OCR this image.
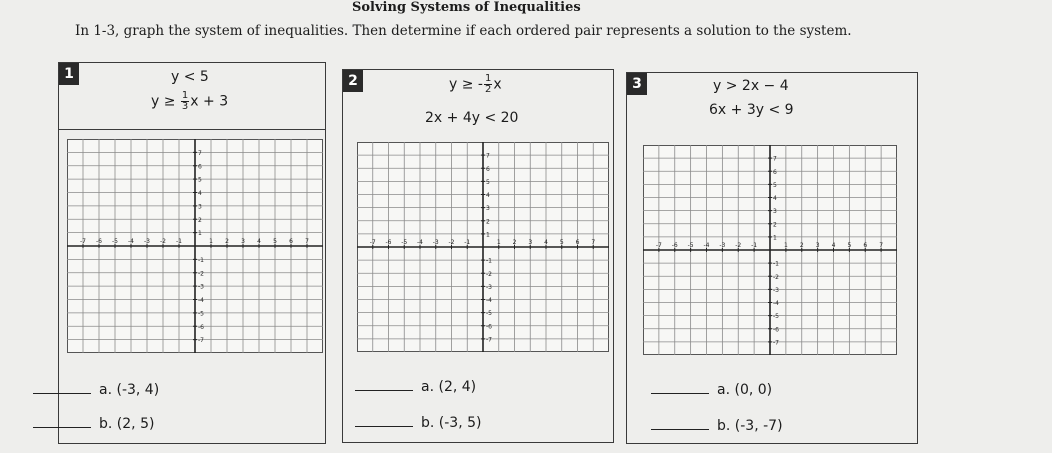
Solving Systems of Inequalities
In 1-3, graph the system of inequalities. Then determine if each ordered pair represents a solution to the system.
1	y < 5
$y \ge \frac{1}{3}$ x + 3
-7 -6 -5 -4 -3 -2 -1	1 2 3 4 5 6 7
7
6
5
4
3
2
1
-1
-2
-3
-4
-5
-6
-7
a. (-3, 4)
b. (2, 5)
2	y ≥ - $\frac{1}{2}$ x
2x + 4y < 20
-7 -6 -5 -4 -3 -2 -1	1 2 3 4 5 6 7
7
6
5
4
3
2
1
-1
-2
-3
-4
-5
-6
-7
a. (2, 4)
b. (-3, 5)
3	y > 2x − 4
6x + 3y < 9
-7 -6 -5 -4 -3 -2 -1	1 2 3 4 5 6 7
7
6
5
4
3
2
1
-1
-2
-3
-4
-5
-6
-7
a. (0, 0)
b. (-3, -7)
